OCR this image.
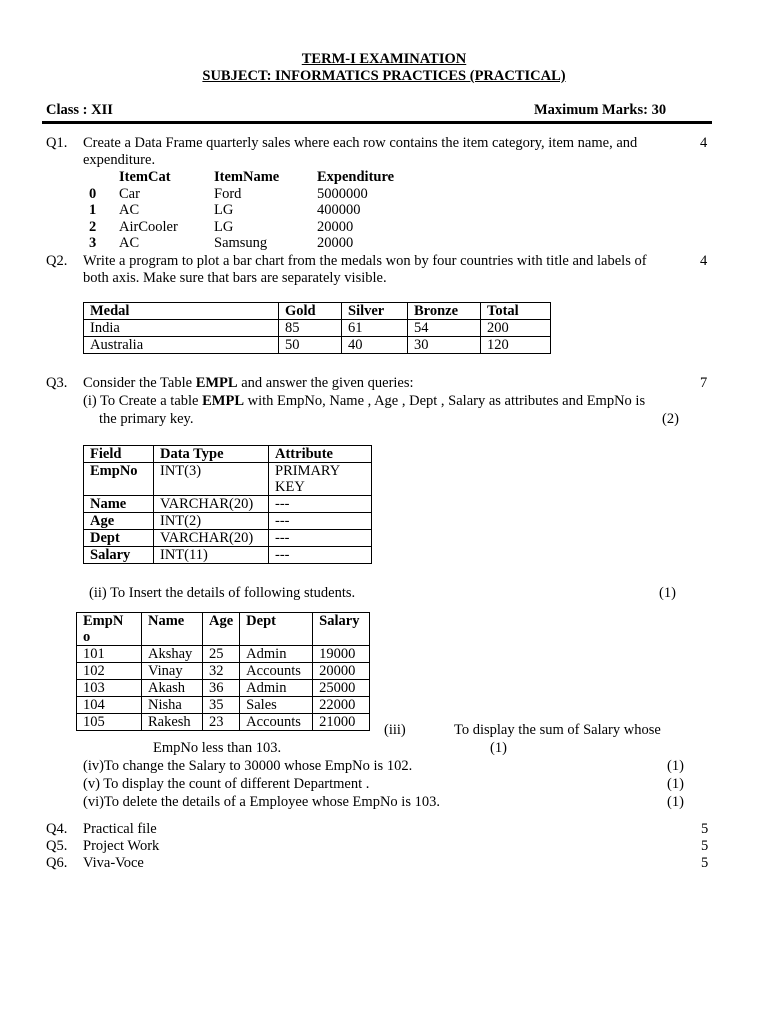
TERM-I EXAMINATION
SUBJECT: INFORMATICS PRACTICES (PRACTICAL)
Class : XII	Maximum Marks: 30
Q1. Create a Data Frame quarterly sales where each row contains the item category, item name, and
expenditure.
4
	ItemCat	ItemName	Expenditure
0	Car	Ford	5000000
1	AC	LG	400000
2	AirCooler	LG	20000
3	AC	Samsung	20000
Q2. Write a program to plot a bar chart from the medals won by four countries with title and labels of
both axis. Make sure that bars are separately visible.
4
Medal	Gold	Silver	Bronze	Total
India	85	61	54	200
Australia	50	40	30	120
Q3. Consider the Table EMPL and answer the given queries:	7
(i) To Create a table EMPL with EmpNo, Name , Age , Dept , Salary as attributes and EmpNo is
the primary key.	(2)
Field	Data Type	Attribute
EmpNo	INT(3)	PRIMARY
KEY

Name	VARCHAR(20)	---
Age	INT(2)	---
Dept	VARCHAR(20)	---
Salary	INT(11)	---
(ii) To Insert the details of following students.	(1)
EmpN
o	Name	Age	Dept	Salary
101	Akshay	25	Admin	19000
102	Vinay	32	Accounts	20000
103	Akash	36	Admin	25000
104	Nisha	35	Sales	22000
105	Rakesh	23	Accounts	21000 (iii)	To display the sum of Salary whose
EmpNo less than 103.	(1)
(iv)To change the Salary to 30000 whose EmpNo is 102.	(1)
(v) To display the count of different Department .	(1)
(vi)To delete the details of a Employee whose EmpNo is 103.	(1)
Q4. Practical file	5
Q5. Project Work	5
Q6. Viva-Voce	5
